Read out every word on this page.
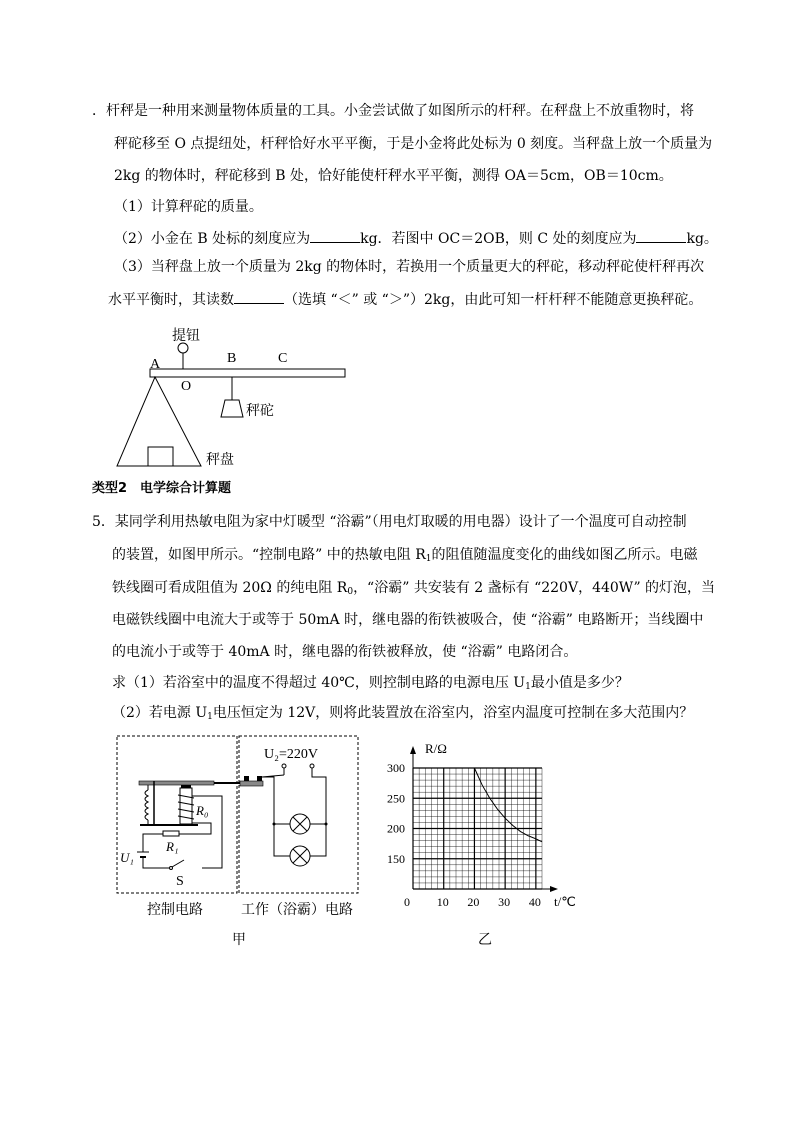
．杆秤是一种用来测量物体质量的工具。小金尝试做了如图所示的杆秤。在秤盘上不放重物时，将
秤砣移至 O 点提纽处，杆秤恰好水平平衡，于是小金将此处标为 0 刻度。当秤盘上放一个质量为
2kg 的物体时，秤砣移到 B 处，恰好能使杆秤水平平衡，测得 OA＝5cm，OB＝10cm。
（1）计算秤砣的质量。
（2）小金在 B 处标的刻度应为	kg．若图中 OC＝2OB，则 C 处的刻度应为	kg。
（3）当秤盘上放一个质量为 2kg 的物体时，若换用一个质量更大的秤砣，移动秤砣使杆秤再次
水平平衡时，其读数	（选填 “＜” 或 “＞”）2kg，由此可知一杆杆秤不能随意更换秤砣。
A
O
B	C
提钮
秤砣
秤盘
类型2　电学综合计算题
5．某同学利用热敏电阻为家中灯暖型 “浴霸”（用电灯取暖的用电器）设计了一个温度可自动控制
的装置，如图甲所示。“控制电路” 中的热敏电阻 $R_1$的阻值随温度变化的曲线如图乙所示。电磁
铁线圈可看成阻值为 20Ω 的纯电阻 $R_0$，“浴霸” 共安装有 2 盏标有 “220V，440W” 的灯泡，当
电磁铁线圈中电流大于或等于 50mA 时，继电器的衔铁被吸合，使 “浴霸” 电路断开；当线圈中
的电流小于或等于 40mA 时，继电器的衔铁被释放，使 “浴霸” 电路闭合。
求（1）若浴室中的温度不得超过 40℃，则控制电路的电源电压 $U_1$最小值是多少？
（2）若电源 $U_1$电压恒定为 12V，则将此装置放在浴室内，浴室内温度可控制在多大范围内？
U₂=220V
R₀
R₁
U₁
S
控制电路	工作（浴霸）电路
甲	乙
0 10 20 30 40
150
200
250
300
R/Ω
t/℃
